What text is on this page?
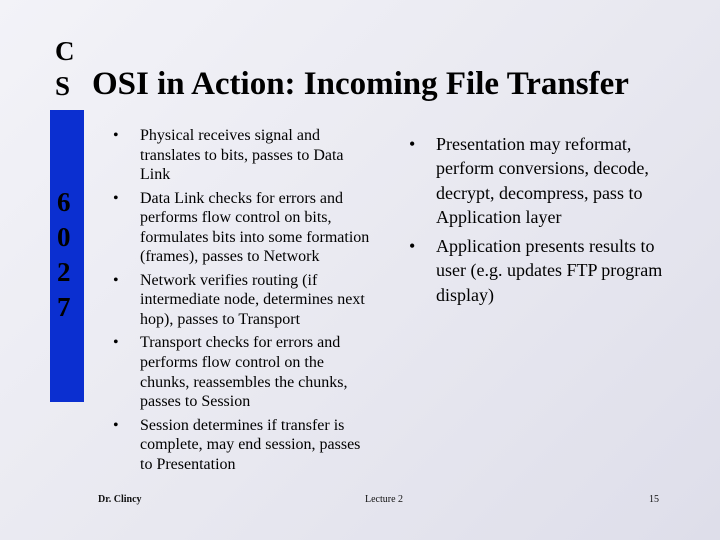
C
S
6
0
2
7
OSI in Action: Incoming File Transfer
• Physical receives signal and translates to bits, passes to Data Link
• Data Link checks for errors and performs flow control on bits, formulates bits into some formation (frames), passes to Network
• Network verifies routing (if intermediate node, determines next hop), passes to Transport
• Transport checks for errors and performs flow control on the chunks, reassembles the chunks, passes to Session
• Session determines if transfer is complete, may end session, passes to Presentation
• Presentation may reformat, perform conversions, decode, decrypt, decompress, pass to Application layer
• Application presents results to user (e.g. updates FTP program display)
Dr. Clincy	Lecture 2	15
